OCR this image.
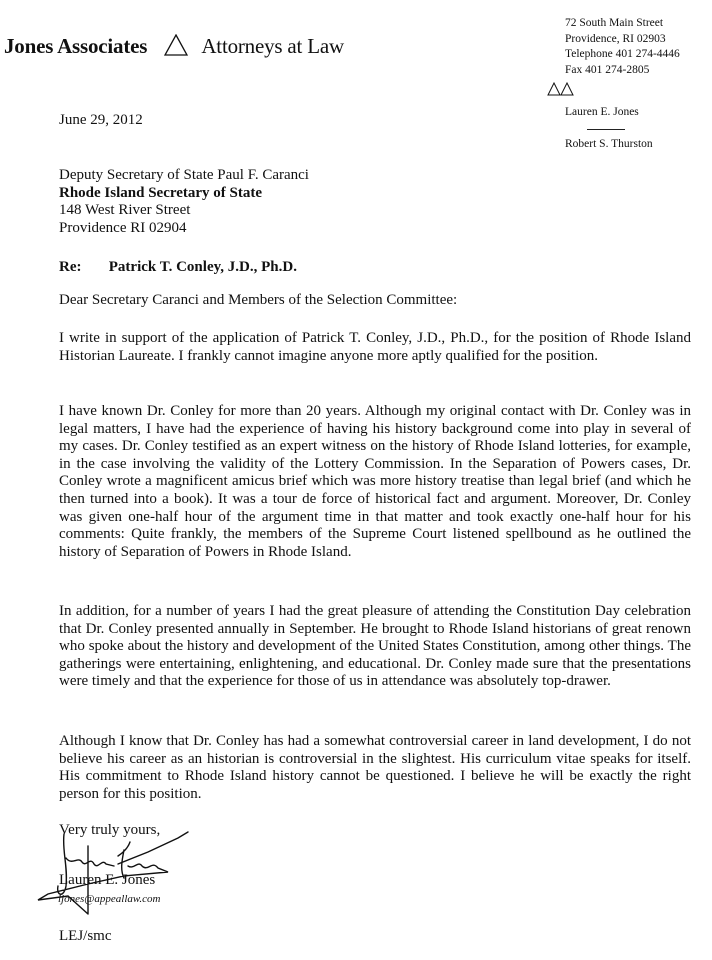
Jones Associates	Attorneys at Law
72 South Main Street
Providence, RI 02903
Telephone 401 274-4446
Fax 401 274-2805
Lauren E. Jones
Robert S. Thurston
June 29, 2012
Deputy Secretary of State Paul F. Caranci
Rhode Island Secretary of State
148 West River Street
Providence RI 02904
Re: Patrick T. Conley, J.D., Ph.D.
Dear Secretary Caranci and Members of the Selection Committee:

I write in support of the application of Patrick T. Conley, J.D., Ph.D., for the position of Rhode Island Historian Laureate. I frankly cannot imagine anyone more aptly qualified for the position.

I have known Dr. Conley for more than 20 years. Although my original contact with Dr. Conley was in legal matters, I have had the experience of having his history background come into play in several of my cases. Dr. Conley testified as an expert witness on the history of Rhode Island lotteries, for example, in the case involving the validity of the Lottery Commission. In the Separation of Powers cases, Dr. Conley wrote a magnificent amicus brief which was more history treatise than legal brief (and which he then turned into a book). It was a tour de force of historical fact and argument. Moreover, Dr. Conley was given one-half hour of the argument time in that matter and took exactly one-half hour for his comments: Quite frankly, the members of the Supreme Court listened spellbound as he outlined the history of Separation of Powers in Rhode Island.

In addition, for a number of years I had the great pleasure of attending the Constitution Day celebration that Dr. Conley presented annually in September. He brought to Rhode Island historians of great renown who spoke about the history and development of the United States Constitution, among other things. The gatherings were entertaining, enlightening, and educational. Dr. Conley made sure that the presentations were timely and that the experience for those of us in attendance was absolutely top-drawer.

Although I know that Dr. Conley has had a somewhat controversial career in land development, I do not believe his career as an historian is controversial in the slightest. His curriculum vitae speaks for itself. His commitment to Rhode Island history cannot be questioned. I believe he will be exactly the right person for this position.

Very truly yours,
Lauren E. Jones
ljones@appeallaw.com
LEJ/smc
